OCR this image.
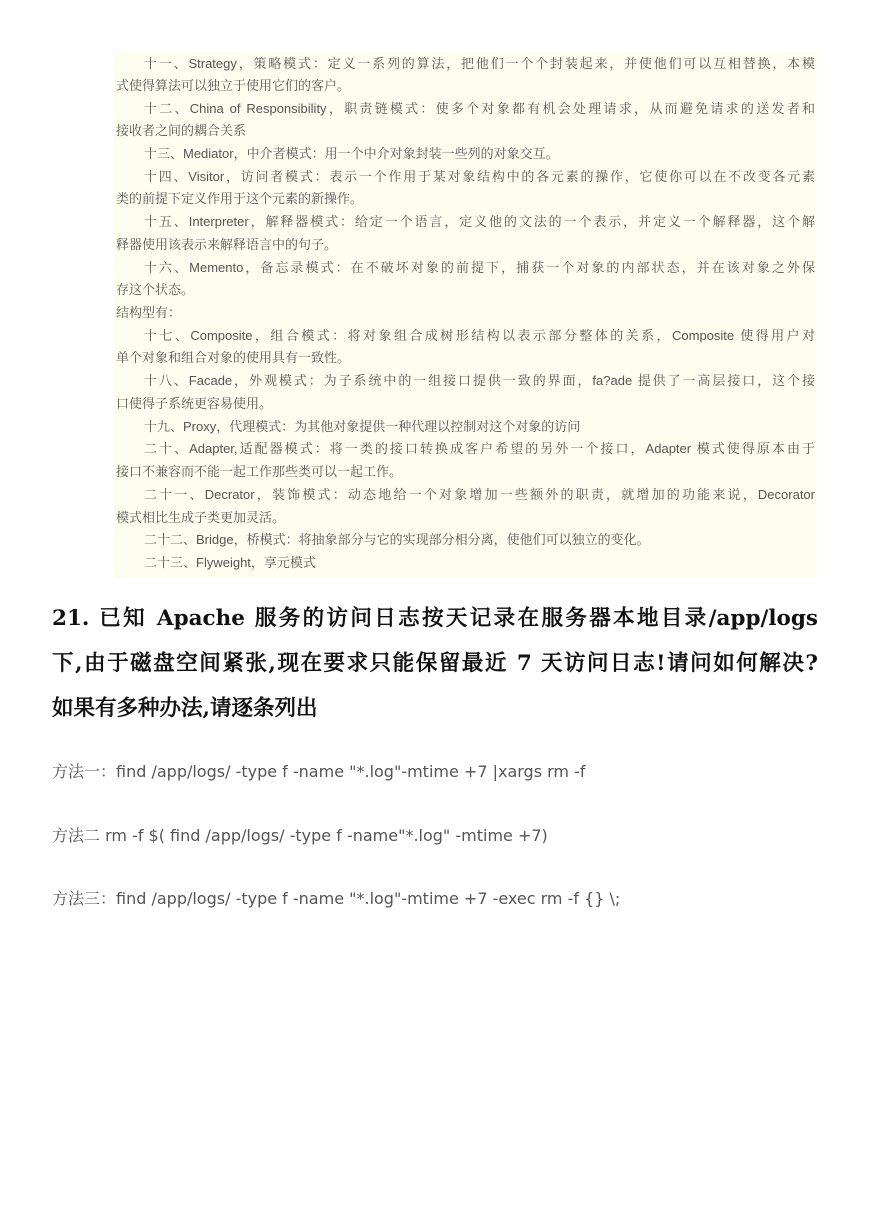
十一、Strategy，策略模式：定义一系列的算法，把他们一个个封装起来，并使他们可以互相替换，本模
式使得算法可以独立于使用它们的客户。
十二、China of Responsibility，职责链模式：使多个对象都有机会处理请求，从而避免请求的送发者和
接收者之间的耦合关系
十三、Mediator，中介者模式：用一个中介对象封装一些列的对象交互。
十四、Visitor，访问者模式：表示一个作用于某对象结构中的各元素的操作，它使你可以在不改变各元素
类的前提下定义作用于这个元素的新操作。
十五、Interpreter，解释器模式：给定一个语言，定义他的文法的一个表示，并定义一个解释器，这个解
释器使用该表示来解释语言中的句子。
十六、Memento，备忘录模式：在不破坏对象的前提下，捕获一个对象的内部状态，并在该对象之外保
存这个状态。
结构型有：
十七、Composite，组合模式：将对象组合成树形结构以表示部分整体的关系，Composite 使得用户对
单个对象和组合对象的使用具有一致性。
十八、Facade，外观模式：为子系统中的一组接口提供一致的界面，fa?ade 提供了一高层接口，这个接
口使得子系统更容易使用。
十九、Proxy，代理模式：为其他对象提供一种代理以控制对这个对象的访问
二十、Adapter,适配器模式：将一类的接口转换成客户希望的另外一个接口，Adapter 模式使得原本由于
接口不兼容而不能一起工作那些类可以一起工作。
二十一、Decrator，装饰模式：动态地给一个对象增加一些额外的职责，就增加的功能来说，Decorator
模式相比生成子类更加灵活。
二十二、Bridge，桥模式：将抽象部分与它的实现部分相分离，使他们可以独立的变化。
二十三、Flyweight，享元模式
21. 已知 Apache 服务的访问日志按天记录在服务器本地目录/app/logs
下,由于磁盘空间紧张,现在要求只能保留最近 7 天访问日志!请问如何解决?
如果有多种办法,请逐条列出
方法一：find /app/logs/ -type f -name "*.log"-mtime +7 |xargs rm -f
方法二 rm -f $( find /app/logs/ -type f -name"*.log" -mtime +7)
方法三：find /app/logs/ -type f -name "*.log"-mtime +7 -exec rm -f {} \;
